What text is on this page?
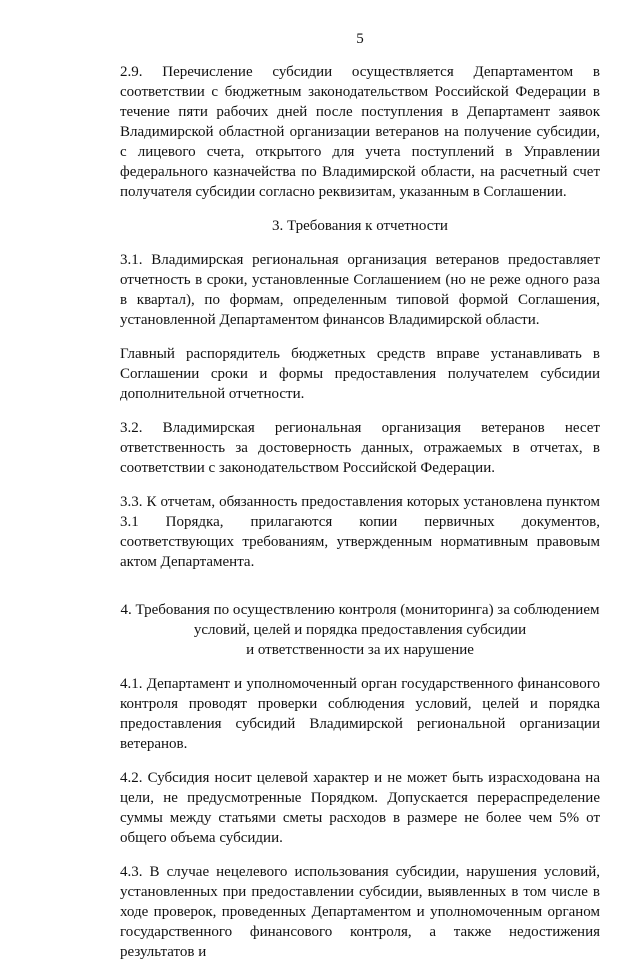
5

2.9. Перечисление субсидии осуществляется Департаментом в соответствии с бюджетным законодательством Российской Федерации в течение пяти рабочих дней после поступления в Департамент заявок Владимирской областной организации ветеранов на получение субсидии, с лицевого счета, открытого для учета поступлений в Управлении федерального казначейства по Владимирской области, на расчетный счет получателя субсидии согласно реквизитам, указанным в Соглашении.

3. Требования к отчетности

3.1. Владимирская региональная организация ветеранов предоставляет отчетность в сроки, установленные Соглашением (но не реже одного раза в квартал), по формам, определенным типовой формой Соглашения, установленной Департаментом финансов Владимирской области.

Главный распорядитель бюджетных средств вправе устанавливать в Соглашении сроки и формы предоставления получателем субсидии дополнительной отчетности.

3.2. Владимирская региональная организация ветеранов несет ответственность за достоверность данных, отражаемых в отчетах, в соответствии с законодательством Российской Федерации.

3.3. К отчетам, обязанность предоставления которых установлена пунктом 3.1 Порядка, прилагаются копии первичных документов, соответствующих требованиям, утвержденным нормативным правовым актом Департамента.

4. Требования по осуществлению контроля (мониторинга) за соблюдением
условий, целей и порядка предоставления субсидии
и ответственности за их нарушение

4.1. Департамент и уполномоченный орган государственного финансового контроля проводят проверки соблюдения условий, целей и порядка предоставления субсидий Владимирской региональной организации ветеранов.

4.2. Субсидия носит целевой характер и не может быть израсходована на цели, не предусмотренные Порядком. Допускается перераспределение суммы между статьями сметы расходов в размере не более чем 5% от общего объема субсидии.

4.3. В случае нецелевого использования субсидии, нарушения условий, установленных при предоставлении субсидии, выявленных в том числе в ходе проверок, проведенных Департаментом и уполномоченным органом государственного финансового контроля, а также недостижения результатов и
